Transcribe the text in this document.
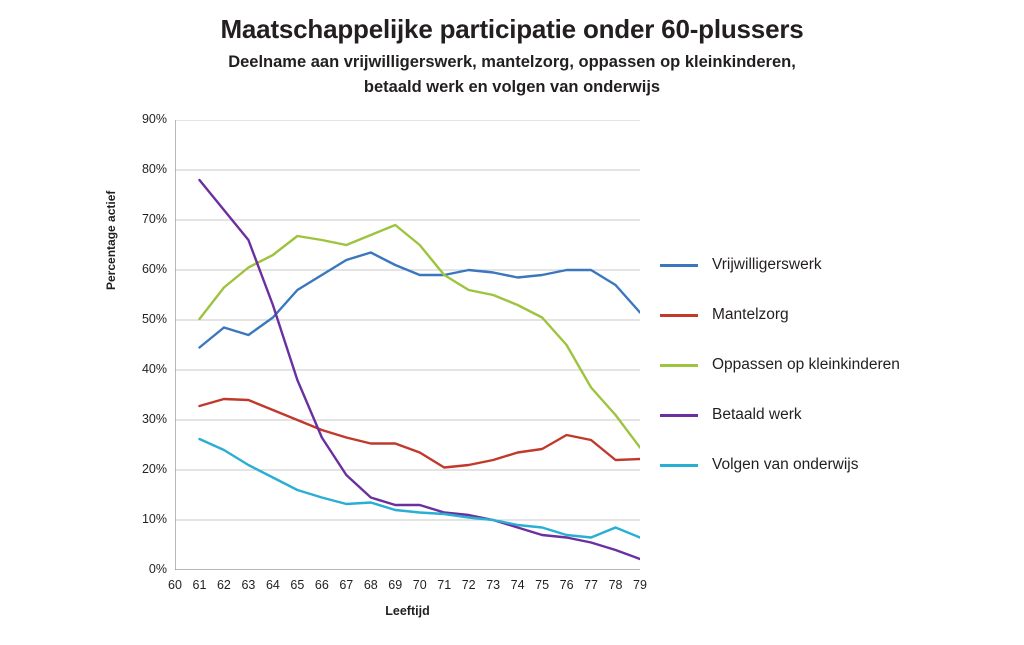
Maatschappelijke participatie onder 60-plussers
Deelname aan vrijwilligerswerk, mantelzorg, oppassen op kleinkinderen,
betaald werk en volgen van onderwijs
Percentage actief
Leeftijd
0%
10%
20%
30%
40%
50%
60%
70%
80%
90%
60 61 62 63 64 65 66 67 68 69 70 71 72 73 74 75 76 77 78 79
Vrijwilligerswerk
Mantelzorg
Oppassen op kleinkinderen
Betaald werk
Volgen van onderwijs
